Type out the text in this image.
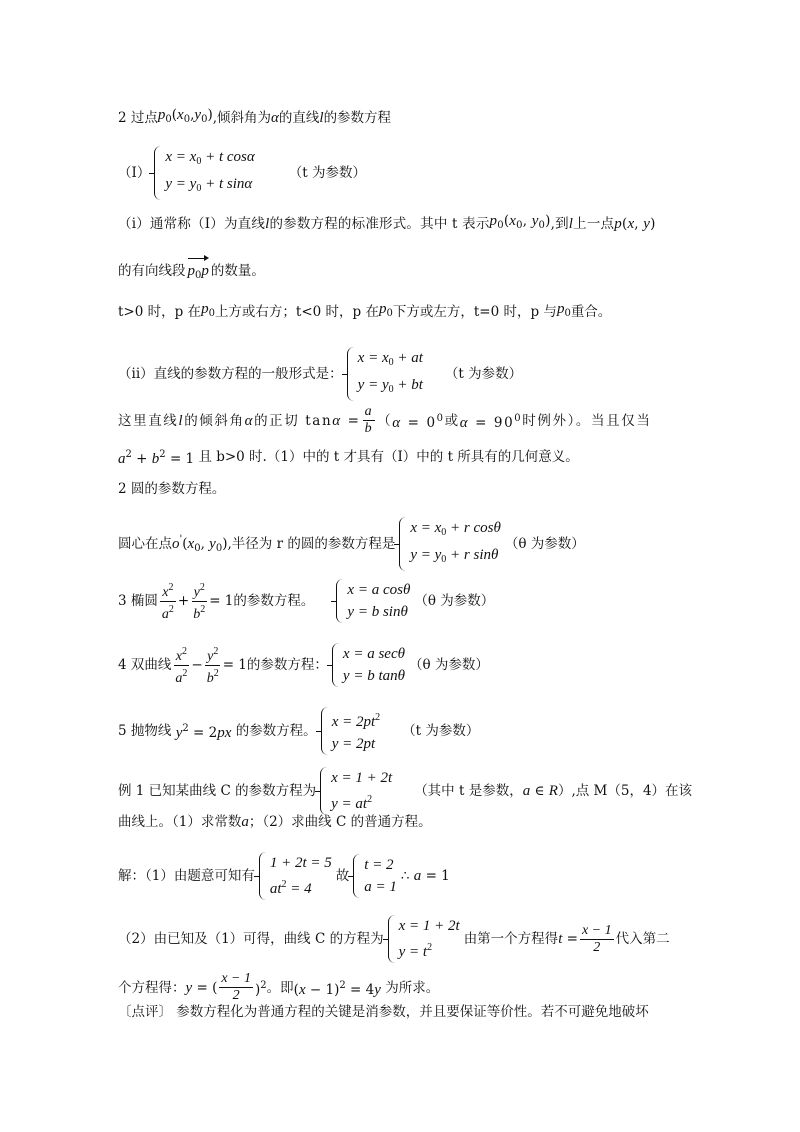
2 过点 $p_0(x_0,y_0)$ ,倾斜角为 α 的直线 l 的参数方程
（I）
$x = x_0 + t$ cosα
$y = y_0 + t$ sinα
（t 为参数）
（i）通常称（I）为直线 l 的参数方程的标准形式。其中 t 表示 $p_0(x_0$, $y_0$) ,到 l 上一点 p(x, y)
的有向线段 $p_0p$ 的数量。
t>0 时，p 在 $p_0$ 上方或右方；t<0 时，p 在 $p_0$ 下方或左方，t=0 时，p 与 $p_0$ 重合。
（ii）直线的参数方程的一般形式是：
$x = x_0$ + at
$y = y_0$ + bt
（t 为参数）
这里直线 l 的倾斜角 α 的正切 $\tan\alpha = \frac{a}{b}$ （ $\alpha = 0^0$ 或 $\alpha = 90^0$ 时例外）。当且仅当
$a^2 + b^2 = 1$ 且 b>0 时.（1）中的 t 才具有（I）中的 t 所具有的几何意义。
2 圆的参数方程。
圆心在点 $o'(x_0$, $y_0$) ,半径为 r 的圆的参数方程是
$x = x_0 + r$ cosθ
$y = y_0 + r$ sinθ
（θ 为参数）
3 椭圆 $\frac{x^2}{a^2} + \frac{y^2}{b^2} = 1$ 的参数方程。
x = a cosθ
y = b sinθ
（θ 为参数）
4 双曲线 $\frac{x^2}{a^2} - \frac{y^2}{b^2} = 1$ 的参数方程：
x = a secθ
y = b tanθ
（θ 为参数）
5 抛物线 $y^2 = 2px$ 的参数方程。
$x = 2pt^2$
y = 2pt
（t 为参数）
例 1 已知某曲线 C 的参数方程为
x = 1 + 2t
$y = at^2$
（其中 t 是参数， a ∈ R ）,点 M（5，4）在该
曲线上。（1）求常数 a ；（2）求曲线 C 的普通方程。
解：（1）由题意可知有
1 + 2t = 5
$at^2 = 4$
故
t = 2
a = 1
∴ a = 1
（2）由已知及（1）可得，曲线 C 的方程为
x = 1 + 2t
$y = t^2$
由第一个方程得 $t = \frac{x - 1}{2}$ 代入第二
个方程得： y = ( $\frac{x - 1}{2} )^2$ 。即 $(x - 1)^2 = 4y$ 为所求。
〔点评〕 参数方程化为普通方程的关键是消参数，并且要保证等价性。若不可避免地破坏
